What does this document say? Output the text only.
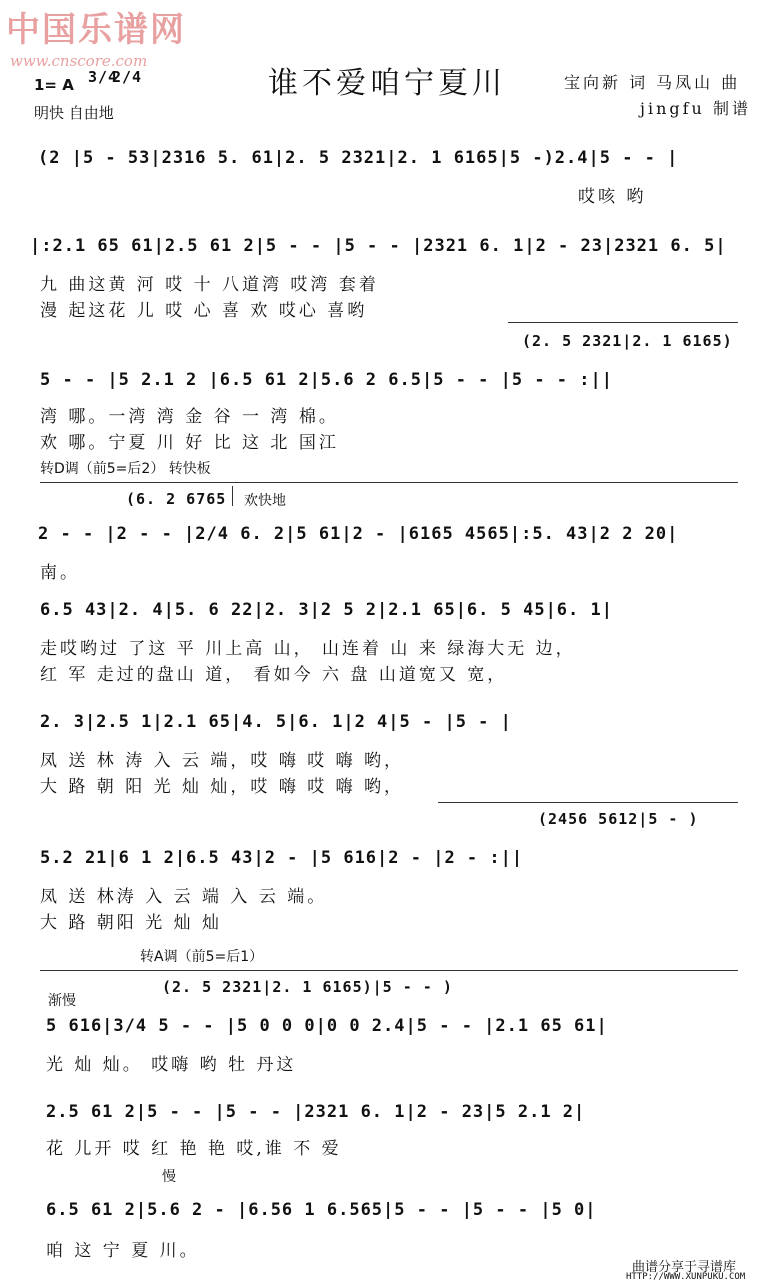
中国乐谱网
www.cnscore.com
1= A 3/4
2/4	谁不爱咱宁夏川
明快 自由地
宝向新 词 马凤山 曲
jingfu 制谱
(2 |5 - 53|2316 5. 61|2. 5 2321|2. 1 6165|5 -)2.4|5 - - |
哎咳 哟
|:2.1 65 61|2.5 61 2|5 - - |5 - - |2321 6. 1|2 - 23|2321 6. 5|
九 曲这黄 河 哎 十 八道湾 哎湾 套着
漫 起这花 儿 哎 心 喜 欢 哎心 喜哟
(2. 5 2321|2. 1 6165)
5 - - |5 2.1 2 |6.5 61 2|5.6 2 6.5|5 - - |5 - - :||
湾 哪。一湾 湾 金 谷 一 湾 棉。
欢 哪。宁夏 川 好 比 这 北 国江
转D调（前5=后2） 转快板
(6. 2 6765 欢快地
2 - - |2 - - |2/4 6. 2|5 61|2 - |6165 4565|:5. 43|2 2 20|
南。
6.5 43|2. 4|5. 6 22|2. 3|2 5 2|2.1 65|6. 5 45|6. 1|
走哎哟过 了这 平 川上高 山， 山连着 山 来 绿海大无 边，
红 军 走过的盘山 道， 看如今 六 盘 山道宽又 宽，
2. 3|2.5 1|2.1 65|4. 5|6. 1|2 4|5 - |5 - |
凤 送 林 涛 入 云 端，哎 嗨 哎 嗨 哟，
大 路 朝 阳 光 灿 灿，哎 嗨 哎 嗨 哟，
(2456 5612|5 - )
5.2 21|6 1 2|6.5 43|2 - |5 616|2 - |2 - :||
凤 送 林涛 入 云 端 入 云 端。
大 路 朝阳 光 灿 灿
转A调（前5=后1）
渐慢
(2. 5 2321|2. 1 6165)|5 - - )
5 616|3/4 5 - - |5 0 0 0|0 0 2.4|5 - - |2.1 65 61|
光 灿 灿。 哎嗨 哟 牡 丹这
2.5 61 2|5 - - |5 - - |2321 6. 1|2 - 23|5 2.1 2|
花 儿开 哎 红 艳 艳 哎,谁 不 爱
慢
6.5 61 2|5.6 2 - |6.56 1 6.565|5 - - |5 - - |5 0|
咱 这 宁 夏 川。
曲谱分享于寻谱库
HTTP://WWW.XUNPUKU.COM
